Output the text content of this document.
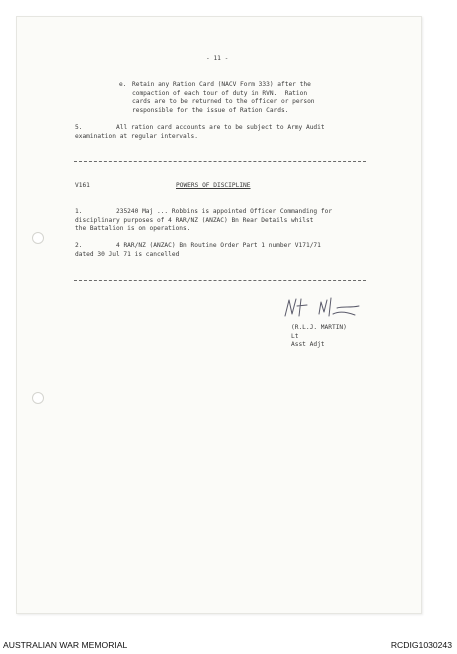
- 11 -

e. Retain any Ration Card (NACV Form 333) after the

compaction of each tour of duty in RVN.  Ration

cards are to be returned to the officer or person

responsible for the issue of Ration Cards.

5.	All ration card accounts are to be subject to Army Audit

examination at regular intervals.

V161	POWERS OF DISCIPLINE

1.	235240 Maj ... Robbins is appointed Officer Commanding for

disciplinary purposes of 4 RAR/NZ (ANZAC) Bn Rear Details whilst

the Battalion is on operations.

2.	4 RAR/NZ (ANZAC) Bn Routine Order Part 1 number V171/71

dated 30 Jul 71 is cancelled

(R.L.J. MARTIN)

Lt

Asst Adjt

AUSTRALIAN WAR MEMORIAL	RCDIG1030243
